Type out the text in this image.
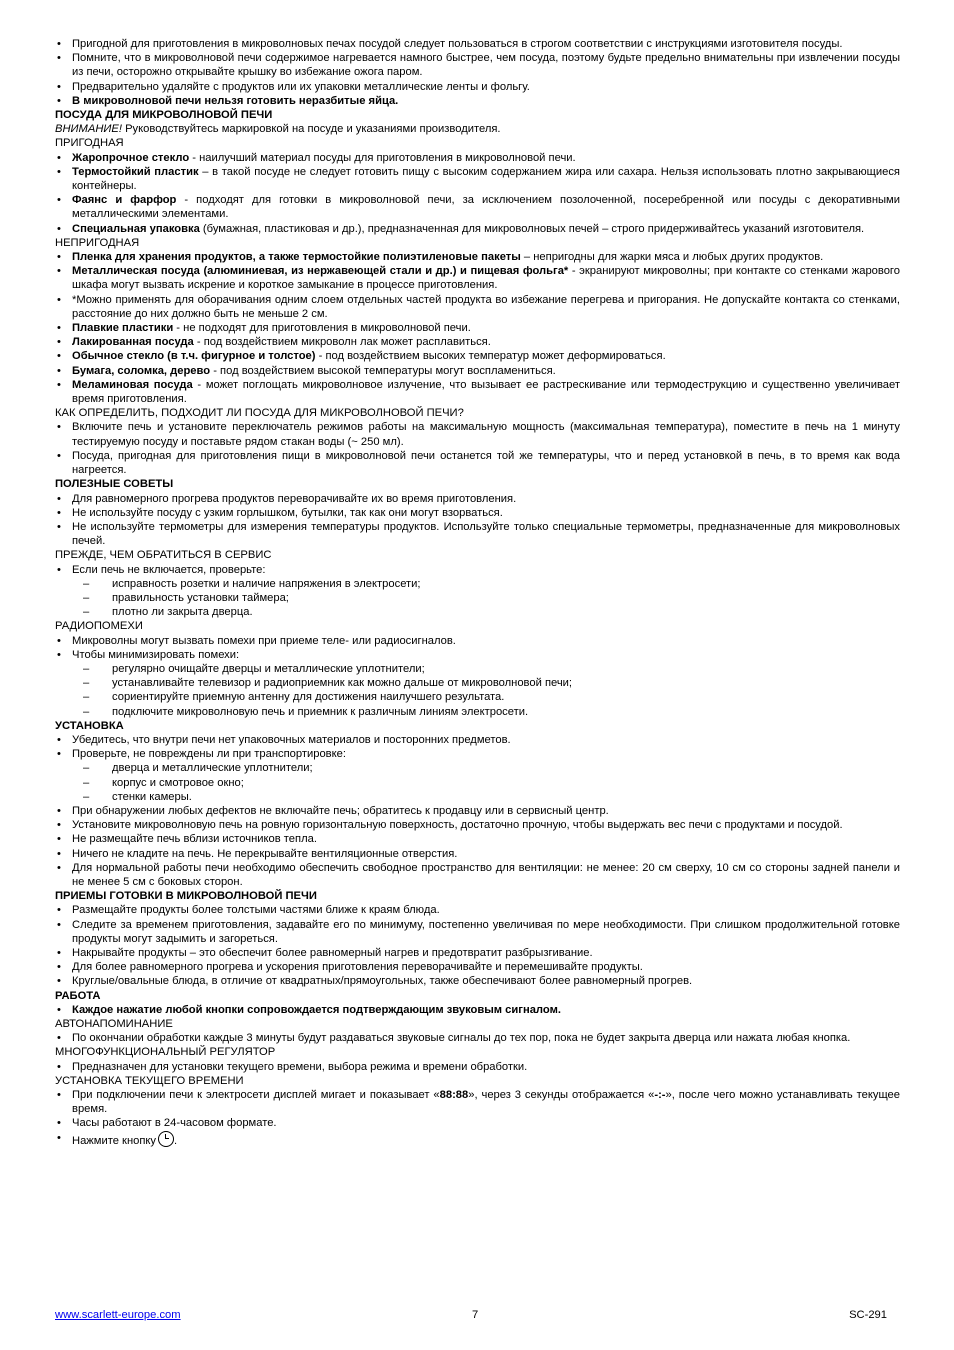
• Пригодной для приготовления в микроволновых печах посудой следует пользоваться в строгом соответствии с инструкциями изготовителя посуды.
• Помните, что в микроволновой печи содержимое нагревается намного быстрее, чем посуда, поэтому будьте предельно внимательны при извлечении посуды из печи, осторожно открывайте крышку во избежание ожога паром.
• Предварительно удаляйте с продуктов или их упаковки металлические ленты и фольгу.
• В микроволновой печи нельзя готовить неразбитые яйца.
ПОСУДА ДЛЯ МИКРОВОЛНОВОЙ ПЕЧИ
ВНИМАНИЕ! Руководствуйтесь маркировкой на посуде и указаниями производителя.
ПРИГОДНАЯ
• Жаропрочное стекло - наилучший материал посуды для приготовления в микроволновой печи.
• Термостойкий пластик – в такой посуде не следует готовить пищу с высоким содержанием жира или сахара. Нельзя использовать плотно закрывающиеся контейнеры.
• Фаянс и фарфор - подходят для готовки в микроволновой печи, за исключением позолоченной, посеребренной или посуды с декоративными металлическими элементами.
• Специальная упаковка (бумажная, пластиковая и др.), предназначенная для микроволновых печей – строго придерживайтесь указаний изготовителя.
НЕПРИГОДНАЯ
• Пленка для хранения продуктов, а также термостойкие полиэтиленовые пакеты – непригодны для жарки мяса и любых других продуктов.
• Металлическая посуда (алюминиевая, из нержавеющей стали и др.) и пищевая фольга* - экранируют микроволны; при контакте со стенками жарового шкафа могут вызвать искрение и короткое замыкание в процессе приготовления.
• *Можно применять для оборачивания одним слоем отдельных частей продукта во избежание перегрева и пригорания. Не допускайте контакта со стенками, расстояние до них должно быть не меньше 2 см.
• Плавкие пластики - не подходят для приготовления в микроволновой печи.
• Лакированная посуда - под воздействием микроволн лак может расплавиться.
• Обычное стекло (в т.ч. фигурное и толстое) - под воздействием высоких температур может деформироваться.
• Бумага, соломка, дерево - под воздействием высокой температуры могут воспламениться.
• Меламиновая посуда - может поглощать микроволновое излучение, что вызывает ее растрескивание или термодеструкцию и существенно увеличивает время приготовления.
КАК ОПРЕДЕЛИТЬ, ПОДХОДИТ ЛИ ПОСУДА ДЛЯ МИКРОВОЛНОВОЙ ПЕЧИ?
• Включите печь и установите переключатель режимов работы на максимальную мощность (максимальная температура), поместите в печь на 1 минуту тестируемую посуду и поставьте рядом стакан воды (~ 250 мл).
• Посуда, пригодная для приготовления пищи в микроволновой печи останется той же температуры, что и перед установкой в печь, в то время как вода нагреется.
ПОЛЕЗНЫЕ СОВЕТЫ
• Для равномерного прогрева продуктов переворачивайте их во время приготовления.
• Не используйте посуду с узким горлышком, бутылки, так как они могут взорваться.
• Не используйте термометры для измерения температуры продуктов. Используйте только специальные термометры, предназначенные для микроволновых печей.
ПРЕЖДЕ, ЧЕМ ОБРАТИТЬСЯ В СЕРВИС
• Если печь не включается, проверьте:
– исправность розетки и наличие напряжения в электросети;
– правильность установки таймера;
– плотно ли закрыта дверца.
РАДИОПОМЕХИ
• Микроволны могут вызвать помехи при приеме теле- или радиосигналов.
• Чтобы минимизировать помехи:
– регулярно очищайте дверцы и металлические уплотнители;
– устанавливайте телевизор и радиоприемник как можно дальше от микроволновой печи;
– сориентируйте приемную антенну для достижения наилучшего результата.
– подключите микроволновую печь и приемник к различным линиям электросети.
УСТАНОВКА
• Убедитесь, что внутри печи нет упаковочных материалов и посторонних предметов.
• Проверьте, не повреждены ли при транспортировке:
– дверца и металлические уплотнители;
– корпус и смотровое окно;
– стенки камеры.
• При обнаружении любых дефектов не включайте печь; обратитесь к продавцу или в сервисный центр.
• Установите микроволновую печь на ровную горизонтальную поверхность, достаточно прочную, чтобы выдержать вес печи с продуктами и посудой.
• Не размещайте печь вблизи источников тепла.
• Ничего не кладите на печь. Не перекрывайте вентиляционные отверстия.
• Для нормальной работы печи необходимо обеспечить свободное пространство для вентиляции: не менее: 20 см сверху, 10 см со стороны задней панели и не менее 5 см с боковых сторон.
ПРИЕМЫ ГОТОВКИ В МИКРОВОЛНОВОЙ ПЕЧИ
• Размещайте продукты более толстыми частями ближе к краям блюда.
• Следите за временем приготовления, задавайте его по минимуму, постепенно увеличивая по мере необходимости. При слишком продолжительной готовке продукты могут задымить и загореться.
• Накрывайте продукты – это обеспечит более равномерный нагрев и предотвратит разбрызгивание.
• Для более равномерного прогрева и ускорения приготовления переворачивайте и перемешивайте продукты.
• Круглые/овальные блюда, в отличие от квадратных/прямоугольных, также обеспечивают более равномерный прогрев.
РАБОТА
• Каждое нажатие любой кнопки сопровождается подтверждающим звуковым сигналом.
АВТОНАПОМИНАНИЕ
• По окончании обработки каждые 3 минуты будут раздаваться звуковые сигналы до тех пор, пока не будет закрыта дверца или нажата любая кнопка.
МНОГОФУНКЦИОНАЛЬНЫЙ РЕГУЛЯТОР
• Предназначен для установки текущего времени, выбора режима и времени обработки.
УСТАНОВКА ТЕКУЩЕГО ВРЕМЕНИ
• При подключении печи к электросети дисплей мигает и показывает «88:88», через 3 секунды отображается «-:-», после чего можно устанавливать текущее время.
• Часы работают в 24-часовом формате.
• Нажмите кнопку .
www.scarlett-europe.com	7	SC-291
